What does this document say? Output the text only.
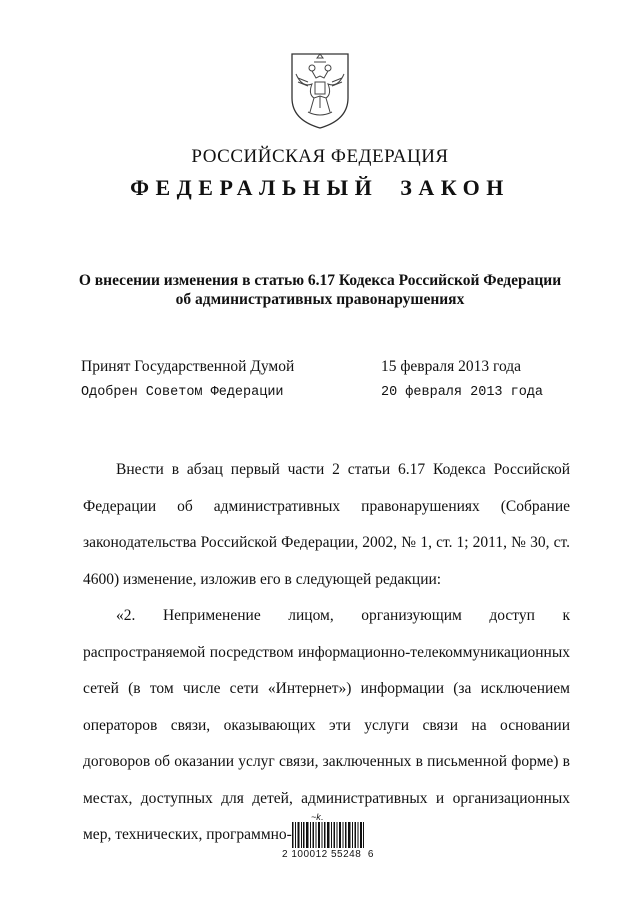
РОССИЙСКАЯ ФЕДЕРАЦИЯ
ФЕДЕРАЛЬНЫЙ ЗАКОН
О внесении изменения в статью 6.17 Кодекса Российской Федерации
об административных правонарушениях
Принят Государственной Думой	15 февраля 2013 года
Одобрен Советом Федерации	20 февраля 2013 года

Внести в абзац первый части 2 статьи 6.17 Кодекса Российской Федерации об административных правонарушениях (Собрание законодательства Российской Федерации, 2002, № 1, ст. 1; 2011, № 30, ст. 4600) изменение, изложив его в следующей редакции:

«2. Неприменение лицом, организующим доступ к распространяемой посредством информационно-телекоммуникационных сетей (в том числе сети «Интернет») информации (за исключением операторов связи, оказывающих эти услуги связи на основании договоров об оказании услуг связи, заключенных в письменной форме) в местах, доступных для детей, административных и организационных мер, технических, программно-

~k.
2 100012 55248  6
